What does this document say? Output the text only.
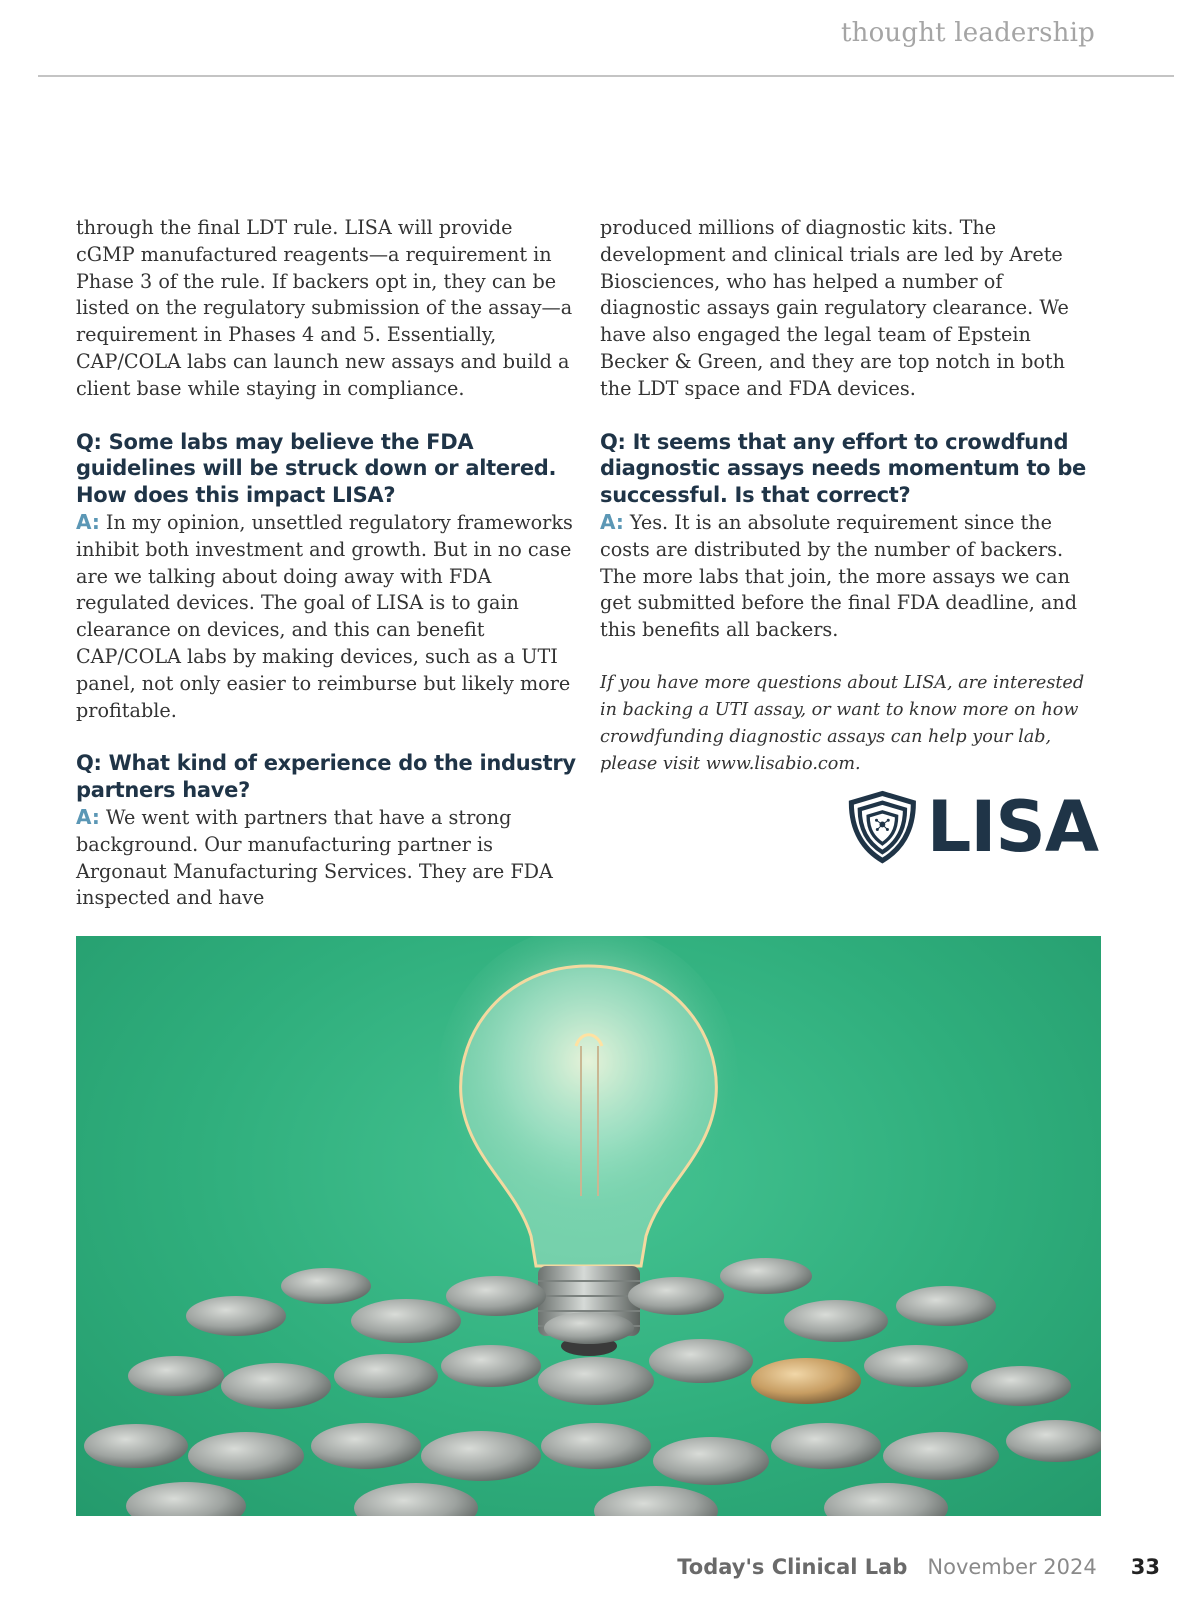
thought leadership

through the final LDT rule. LISA will provide cGMP manufactured reagents—a requirement in Phase 3 of the rule. If backers opt in, they can be listed on the regulatory submission of the assay—a requirement in Phases 4 and 5. Essentially, CAP/COLA labs can launch new assays and build a client base while staying in compliance.

Q: Some labs may believe the FDA guidelines will be struck down or altered. How does this impact LISA?

A: In my opinion, unsettled regulatory frameworks inhibit both investment and growth. But in no case are we talking about doing away with FDA regulated devices. The goal of LISA is to gain clearance on devices, and this can benefit CAP/COLA labs by making devices, such as a UTI panel, not only easier to reimburse but likely more profitable.

Q: What kind of experience do the industry partners have?

A: We went with partners that have a strong background. Our manufacturing partner is Argonaut Manufacturing Services. They are FDA inspected and have

produced millions of diagnostic kits. The development and clinical trials are led by Arete Biosciences, who has helped a number of diagnostic assays gain regulatory clearance. We have also engaged the legal team of Epstein Becker & Green, and they are top notch in both the LDT space and FDA devices.

Q: It seems that any effort to crowdfund diagnostic assays needs momentum to be successful. Is that correct?

A: Yes. It is an absolute requirement since the costs are distributed by the number of backers. The more labs that join, the more assays we can get submitted before the final FDA deadline, and this benefits all backers.

If you have more questions about LISA, are interested in backing a UTI assay, or want to know more on how crowdfunding diagnostic assays can help your lab, please visit www.lisabio.com.

LISA
Today's Clinical Lab November 2024 33
